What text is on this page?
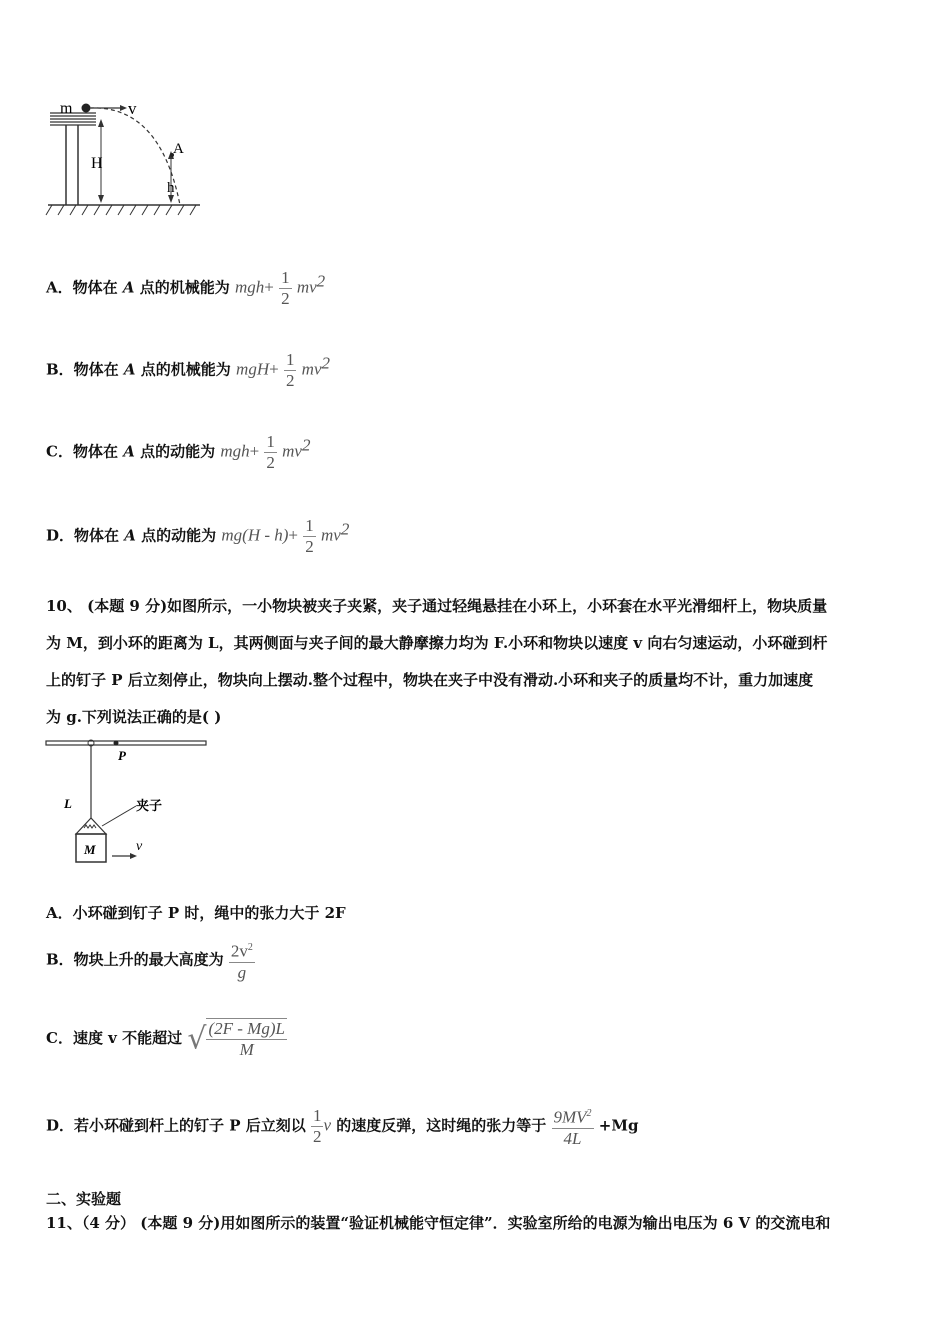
m	v
H
A
h
A．物体在 A 点的机械能为 $mgh+ \frac{1}{2} mv^2$
B．物体在 A 点的机械能为 $mgH+ \frac{1}{2} mv^2$
C．物体在 A 点的动能为 $mgh+ \frac{1}{2} mv^2$
D．物体在 A 点的动能为 $mg(H - h)+ \frac{1}{2} mv^2$
10、 (本题 9 分)如图所示，一小物块被夹子夹紧，夹子通过轻绳悬挂在小环上，小环套在水平光滑细杆上，物块质量
为 M，到小环的距离为 L，其两侧面与夹子间的最大静摩擦力均为 F.小环和物块以速度 v 向右匀速运动，小环碰到杆
上的钉子 P 后立刻停止，物块向上摆动.整个过程中，物块在夹子中没有滑动.小环和夹子的质量均不计，重力加速度
为 g.下列说法正确的是( )
P
L	夹子
M	v
A．小环碰到钉子 P 时，绳中的张力大于 2F
B．物块上升的最大高度为 $\frac{2v^2}{g}$
C．速度 v 不能超过 √ $\frac{(2F - Mg)L}{M}$
D．若小环碰到杆上的钉子 P 后立刻以 $\frac{1}{2}$ v 的速度反弹，这时绳的张力等于 $\frac{9MV^2}{4L} +Mg$
二、实验题
11、（4 分） (本题 9 分)用如图所示的装置“验证机械能守恒定律”．实验室所给的电源为输出电压为 6 V 的交流电和
